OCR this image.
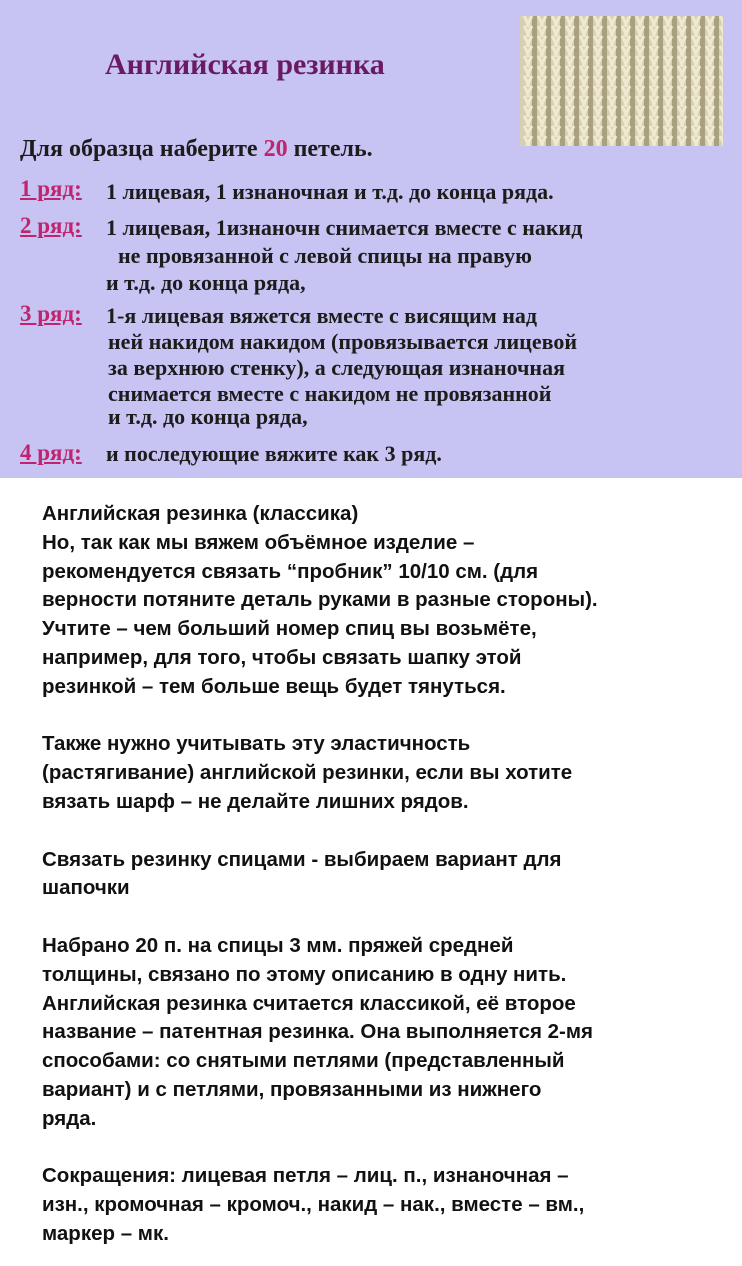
Английская резинка
Для образца наберите 20 петель.
1 ряд: 1 лицевая, 1 изнаночная и т.д. до конца ряда.
2 ряд: 1 лицевая, 1изнаночн снимается вместе с накид
не провязанной с левой спицы на правую
и т.д. до конца ряда,
3 ряд: 1-я лицевая вяжется вместе с висящим над
ней накидом накидом (провязывается лицевой
за верхнюю стенку), а следующая изнаночная
снимается вместе с накидом не провязанной
и т.д. до конца ряда,
4 ряд: и последующие вяжите как 3 ряд.
Английская резинка (классика)
Но, так как мы вяжем объёмное изделие –
рекомендуется связать “пробник” 10/10 см. (для
верности потяните деталь руками в разные стороны).
Учтите – чем больший номер спиц вы возьмёте,
например, для того, чтобы связать шапку этой
резинкой – тем больше вещь будет тянуться.
Также нужно учитывать эту эластичность
(растягивание) английской резинки, если вы хотите
вязать шарф – не делайте лишних рядов.
Связать резинку спицами - выбираем вариант для
шапочки
Набрано 20 п. на спицы 3 мм. пряжей средней
толщины, связано по этому описанию в одну нить.
Английская резинка считается классикой, её второе
название – патентная резинка. Она выполняется 2-мя
способами: со снятыми петлями (представленный
вариант) и с петлями, провязанными из нижнего
ряда.
Сокращения: лицевая петля – лиц. п., изнаночная –
изн., кромочная – кромоч., накид – нак., вместе – вм.,
маркер – мк.
